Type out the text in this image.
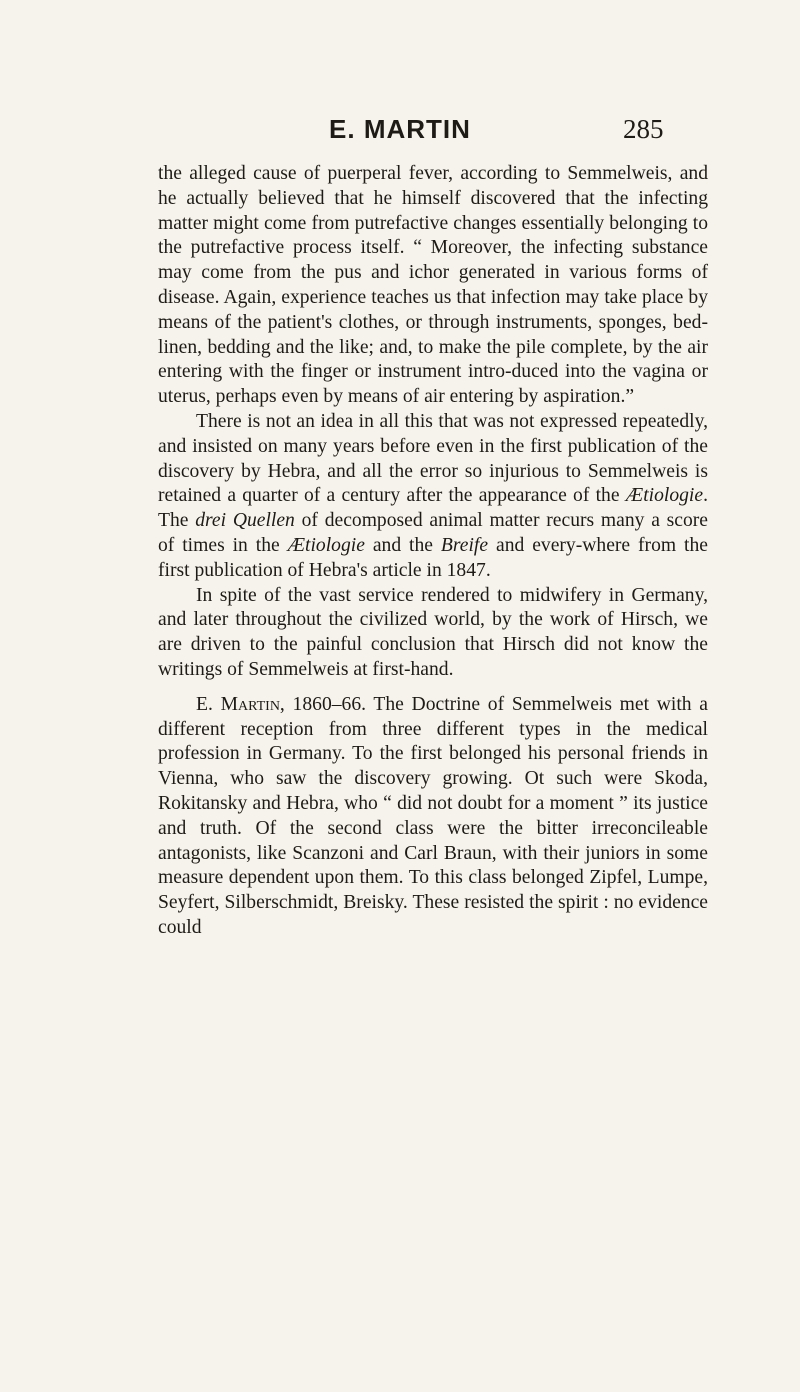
E. MARTIN	285

the alleged cause of puerperal fever, according to Semmelweis, and he actually believed that he himself discovered that the infecting matter might come from putrefactive changes essentially belonging to the putrefactive process itself. “ Moreover, the infecting substance may come from the pus and ichor generated in various forms of disease. Again, experience teaches us that infection may take place by means of the patient's clothes, or through instruments, sponges, bed-linen, bedding and the like; and, to make the pile complete, by the air entering with the finger or instrument intro-duced into the vagina or uterus, perhaps even by means of air entering by aspiration.”

There is not an idea in all this that was not expressed repeatedly, and insisted on many years before even in the first publication of the discovery by Hebra, and all the error so injurious to Semmelweis is retained a quarter of a century after the appearance of the Ætiologie. The drei Quellen of decomposed animal matter recurs many a score of times in the Ætiologie and the Breife and every-where from the first publication of Hebra's article in 1847.

In spite of the vast service rendered to midwifery in Germany, and later throughout the civilized world, by the work of Hirsch, we are driven to the painful conclusion that Hirsch did not know the writings of Semmelweis at first-hand.

E. Martin, 1860–66. The Doctrine of Semmelweis met with a different reception from three different types in the medical profession in Germany. To the first belonged his personal friends in Vienna, who saw the discovery growing. Ot such were Skoda, Rokitansky and Hebra, who “ did not doubt for a moment ” its justice and truth. Of the second class were the bitter irreconcileable antagonists, like Scanzoni and Carl Braun, with their juniors in some measure dependent upon them. To this class belonged Zipfel, Lumpe, Seyfert, Silberschmidt, Breisky. These resisted the spirit : no evidence could
